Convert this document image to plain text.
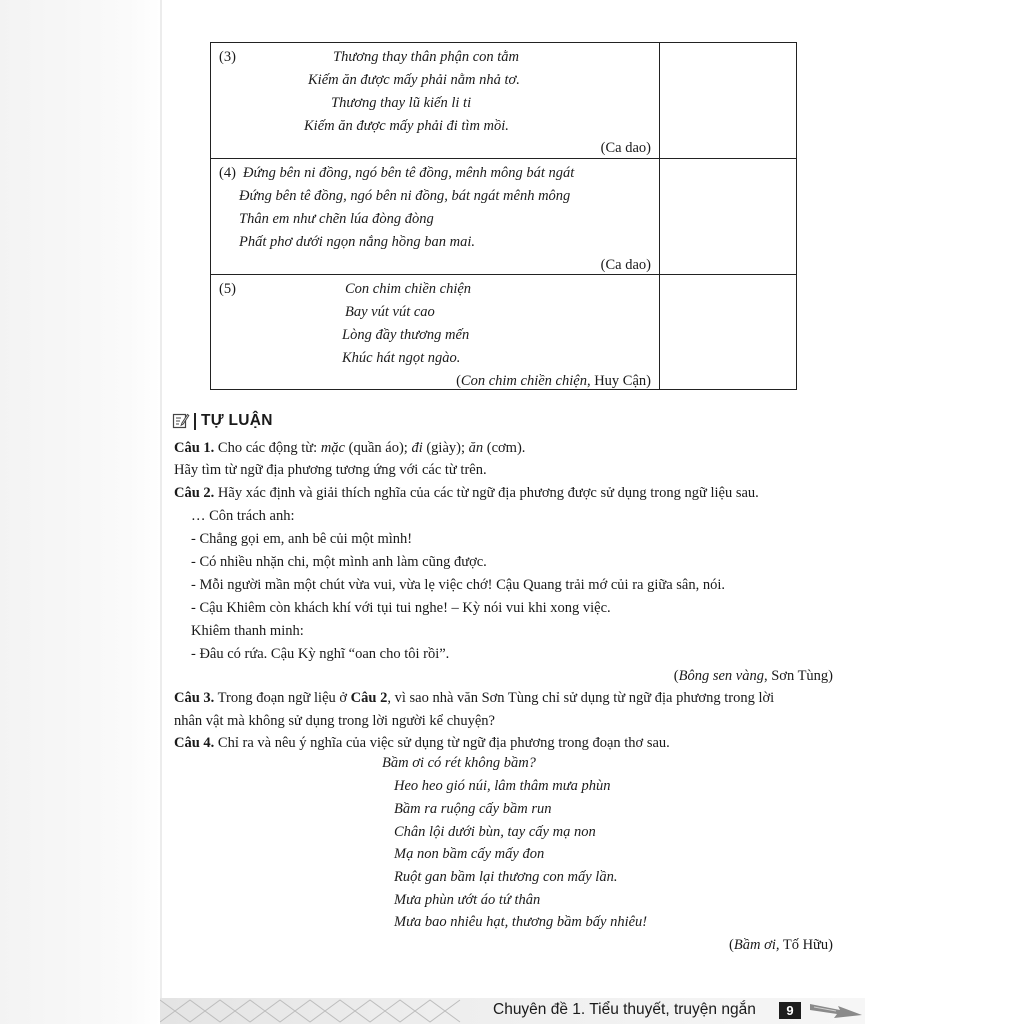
(3)	Thương thay thân phận con tằm
Kiếm ăn được mấy phải nằm nhả tơ.
Thương thay lũ kiến li ti
Kiếm ăn được mấy phải đi tìm mồi.
(Ca dao)
(4) Đứng bên ni đồng, ngó bên tê đồng, mênh mông bát ngát
Đứng bên tê đồng, ngó bên ni đồng, bát ngát mênh mông
Thân em như chẽn lúa đòng đòng
Phất phơ dưới ngọn nắng hồng ban mai.
(Ca dao)
(5)	Con chim chiền chiện
Bay vút vút cao
Lòng đầy thương mến
Khúc hát ngọt ngào.
(Con chim chiền chiện, Huy Cận)
TỰ LUẬN
Câu 1. Cho các động từ: mặc (quần áo); đi (giày); ăn (cơm).
Hãy tìm từ ngữ địa phương tương ứng với các từ trên.
Câu 2. Hãy xác định và giải thích nghĩa của các từ ngữ địa phương được sử dụng trong ngữ liệu sau.
… Côn trách anh:
- Chẳng gọi em, anh bê củi một mình!
- Có nhiều nhặn chi, một mình anh làm cũng được.
- Mỗi người mần một chút vừa vui, vừa lẹ việc chớ! Cậu Quang trải mớ củi ra giữa sân, nói.
- Cậu Khiêm còn khách khí với tụi tui nghe! – Kỳ nói vui khi xong việc.
Khiêm thanh minh:
- Đâu có rứa. Cậu Kỳ nghĩ “oan cho tôi rồi”.
(Bông sen vàng, Sơn Tùng)
Câu 3. Trong đoạn ngữ liệu ở Câu 2, vì sao nhà văn Sơn Tùng chỉ sử dụng từ ngữ địa phương trong lời
nhân vật mà không sử dụng trong lời người kể chuyện?
Câu 4. Chỉ ra và nêu ý nghĩa của việc sử dụng từ ngữ địa phương trong đoạn thơ sau.
Bầm ơi có rét không bầm?
Heo heo gió núi, lâm thâm mưa phùn
Bầm ra ruộng cấy bầm run
Chân lội dưới bùn, tay cấy mạ non
Mạ non bầm cấy mấy đon
Ruột gan bầm lại thương con mấy lần.
Mưa phùn ướt áo tứ thân
Mưa bao nhiêu hạt, thương bầm bấy nhiêu!
(Bầm ơi, Tố Hữu)
Chuyên đề 1. Tiểu thuyết, truyện ngắn	9
